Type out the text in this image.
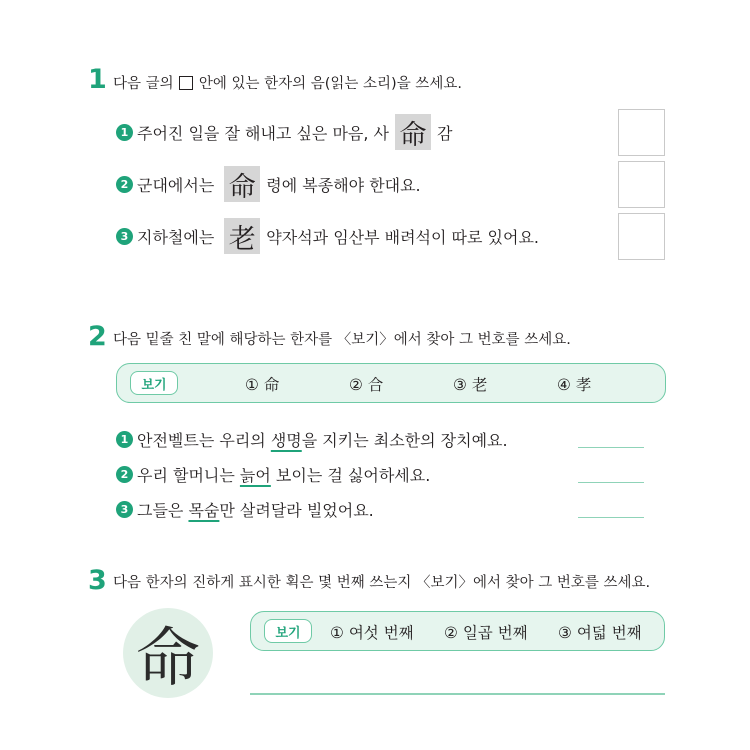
1 다음 글의 안에 있는 한자의 음(읽는 소리)을 쓰세요.
1 주어진 일을 잘 해내고 싶은 마음, 사 命 감
2 군대에서는 命 령에 복종해야 한대요.
3 지하철에는 老 약자석과 임산부 배려석이 따로 있어요.
2 다음 밑줄 친 말에 해당하는 한자를 〈보기〉에서 찾아 그 번호를 쓰세요.
보기	① 命	② 合	③ 老	④ 孝
1 안전벨트는 우리의 생명 을 지키는 최소한의 장치예요.
2 우리 할머니는 늙어 보이는 걸 싫어하세요.
3 그들은 목숨 만 살려달라 빌었어요.
3 다음 한자의 진하게 표시한 획은 몇 번째 쓰는지 〈보기〉에서 찾아 그 번호를 쓰세요.
命	보기	① 여섯 번째 ② 일곱 번째 ③ 여덟 번째
